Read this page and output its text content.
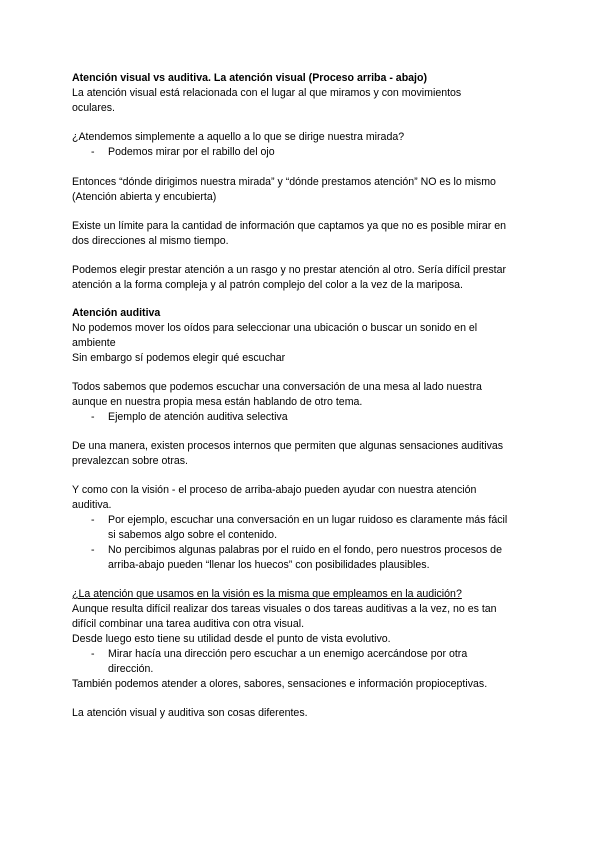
Atención visual vs auditiva. La atención visual (Proceso arriba - abajo)
La atención visual está relacionada con el lugar al que miramos y con movimientos
oculares.
¿Atendemos simplemente a aquello a lo que se dirige nuestra mirada?
- Podemos mirar por el rabillo del ojo
Entonces “dónde dirigimos nuestra mirada” y “dónde prestamos atención” NO es lo mismo
(Atención abierta y encubierta)
Existe un límite para la cantidad de información que captamos ya que no es posible mirar en
dos direcciones al mismo tiempo.
Podemos elegir prestar atención a un rasgo y no prestar atención al otro. Sería difícil prestar
atención a la forma compleja y al patrón complejo del color a la vez de la mariposa.
Atención auditiva
No podemos mover los oídos para seleccionar una ubicación o buscar un sonido en el
ambiente
Sin embargo sí podemos elegir qué escuchar
Todos sabemos que podemos escuchar una conversación de una mesa al lado nuestra
aunque en nuestra propia mesa están hablando de otro tema.
- Ejemplo de atención auditiva selectiva
De una manera, existen procesos internos que permiten que algunas sensaciones auditivas
prevalezcan sobre otras.
Y como con la visión - el proceso de arriba-abajo pueden ayudar con nuestra atención
auditiva.
- Por ejemplo, escuchar una conversación en un lugar ruidoso es claramente más fácil
si sabemos algo sobre el contenido.
- No percibimos algunas palabras por el ruido en el fondo, pero nuestros procesos de
arriba-abajo pueden “llenar los huecos” con posibilidades plausibles.
¿La atención que usamos en la visión es la misma que empleamos en la audición?
Aunque resulta difícil realizar dos tareas visuales o dos tareas auditivas a la vez, no es tan
difícil combinar una tarea auditiva con otra visual.
Desde luego esto tiene su utilidad desde el punto de vista evolutivo.
- Mirar hacía una dirección pero escuchar a un enemigo acercándose por otra
dirección.
También podemos atender a olores, sabores, sensaciones e información propioceptivas.
La atención visual y auditiva son cosas diferentes.
